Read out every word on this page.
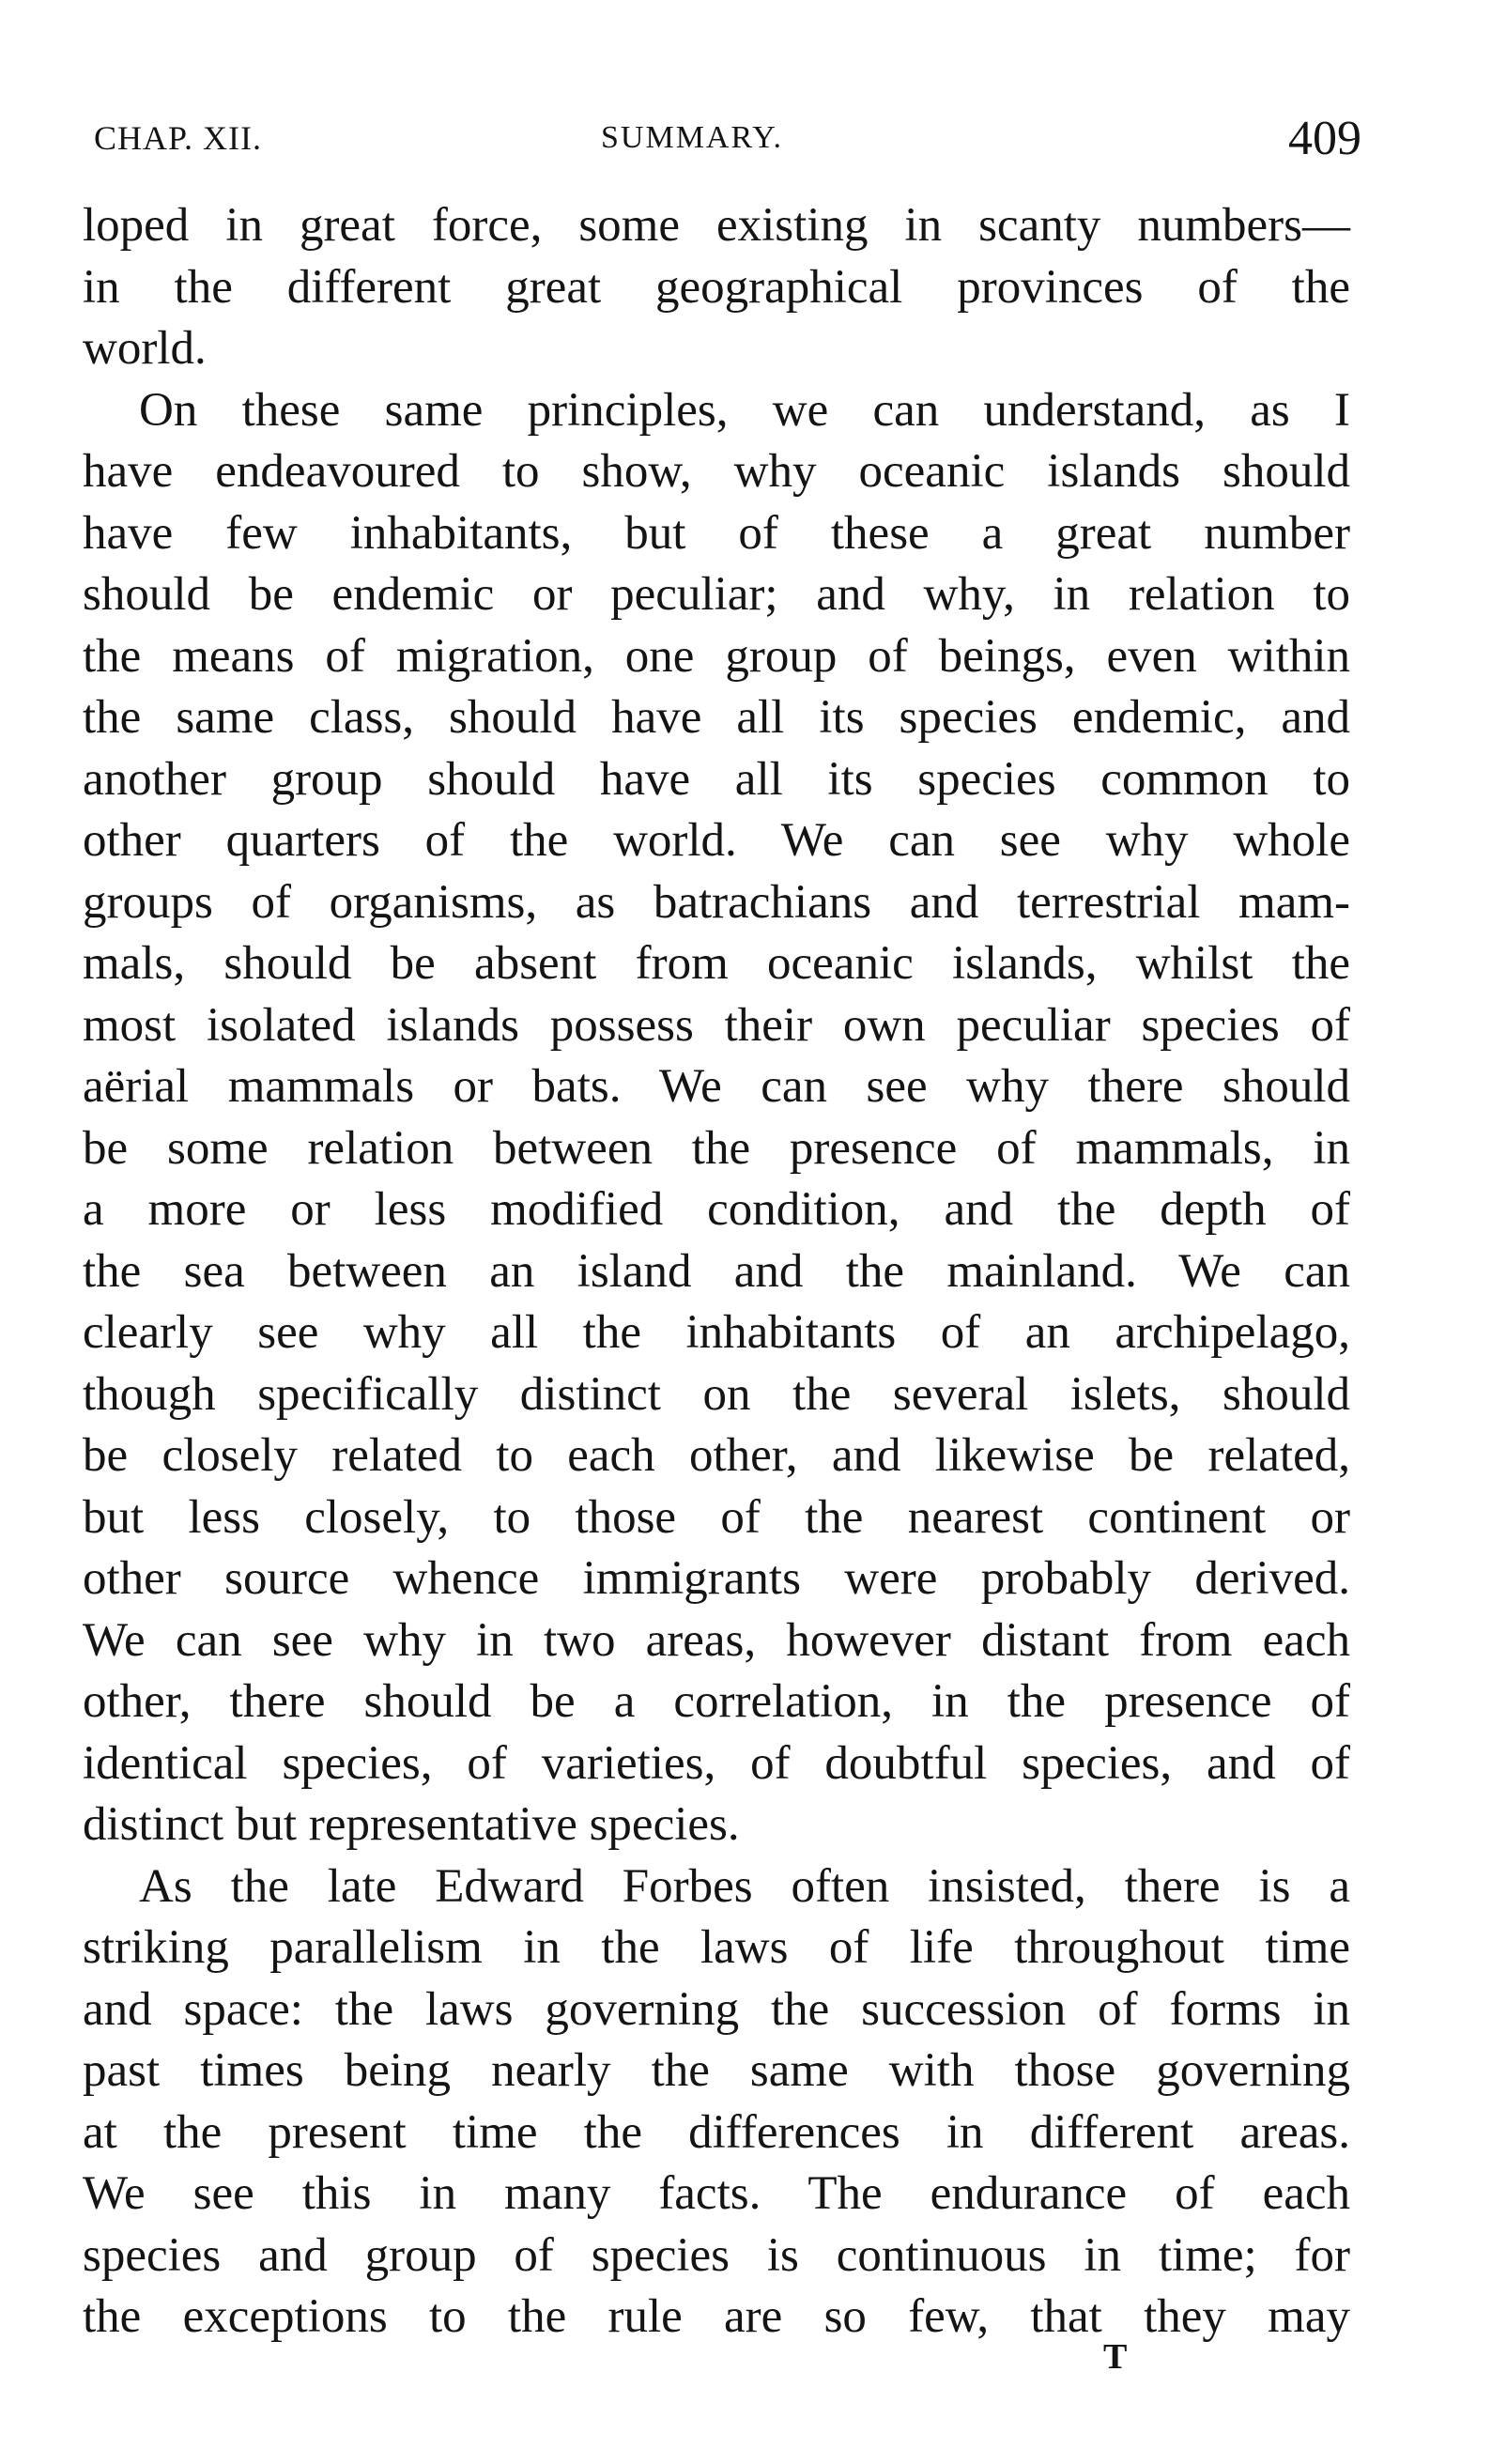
CHAP. XII.	SUMMARY.	409
loped in great force, some existing in scanty numbers—
in the different great geographical provinces of the
world.
On these same principles, we can understand, as I
have endeavoured to show, why oceanic islands should
have few inhabitants, but of these a great number
should be endemic or peculiar; and why, in relation to
the means of migration, one group of beings, even within
the same class, should have all its species endemic, and
another group should have all its species common to
other quarters of the world. We can see why whole
groups of organisms, as batrachians and terrestrial mam-
mals, should be absent from oceanic islands, whilst the
most isolated islands possess their own peculiar species of
aërial mammals or bats. We can see why there should
be some relation between the presence of mammals, in
a more or less modified condition, and the depth of
the sea between an island and the mainland. We can
clearly see why all the inhabitants of an archipelago,
though specifically distinct on the several islets, should
be closely related to each other, and likewise be related,
but less closely, to those of the nearest continent or
other source whence immigrants were probably derived.
We can see why in two areas, however distant from each
other, there should be a correlation, in the presence of
identical species, of varieties, of doubtful species, and of
distinct but representative species.
As the late Edward Forbes often insisted, there is a
striking parallelism in the laws of life throughout time
and space: the laws governing the succession of forms in
past times being nearly the same with those governing
at the present time the differences in different areas.
We see this in many facts. The endurance of each
species and group of species is continuous in time; for
the exceptions to the rule are so few, that they may
T
